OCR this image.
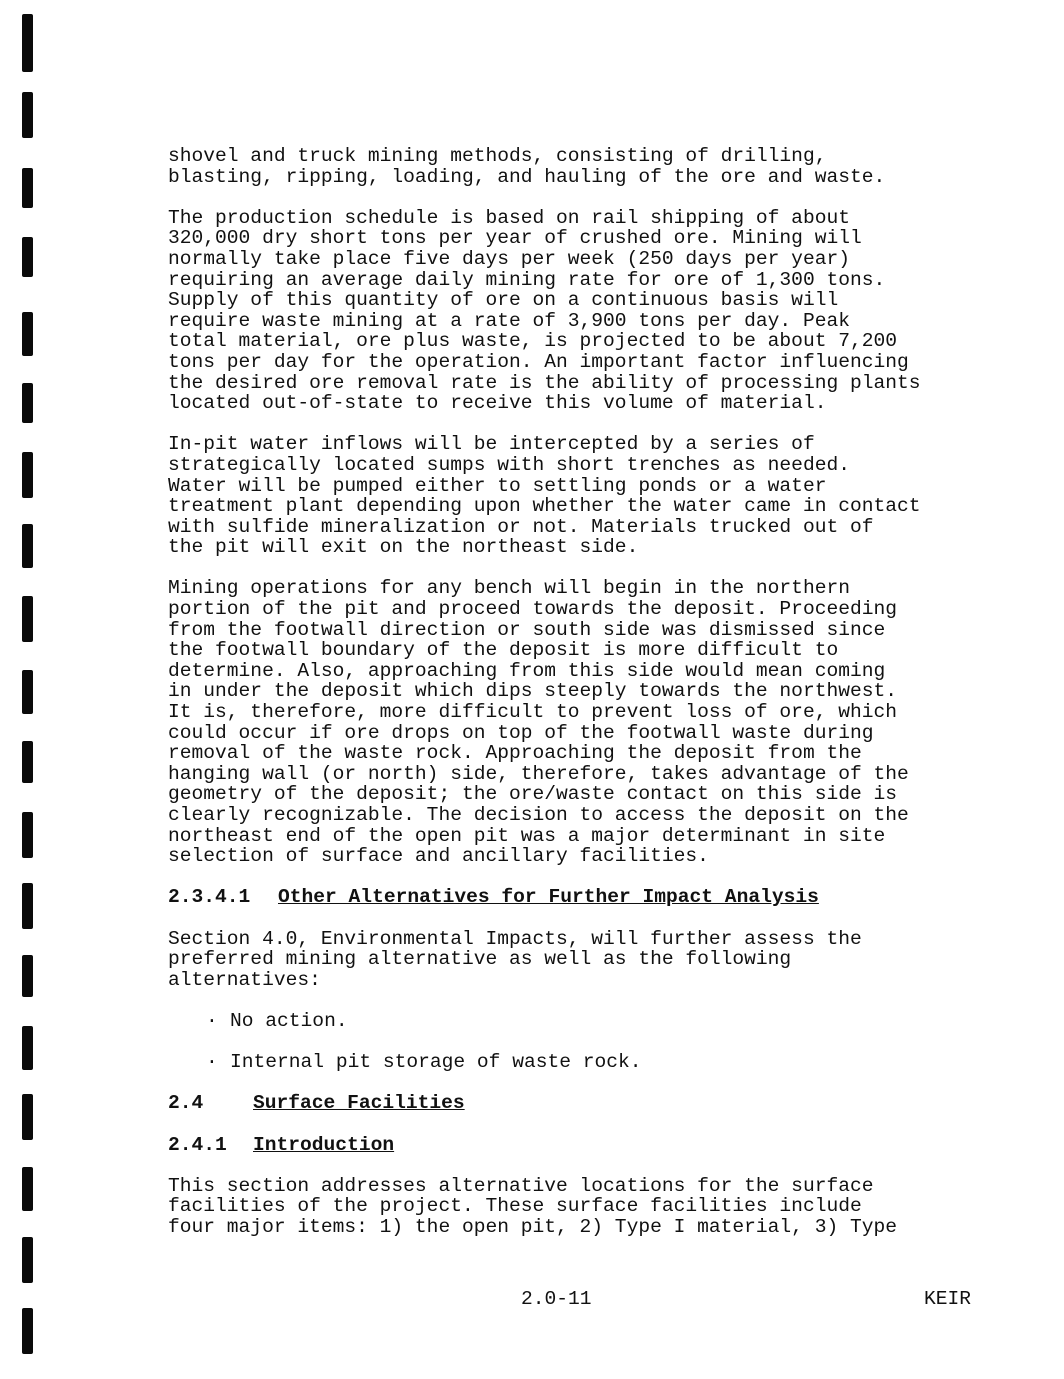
shovel and truck mining methods, consisting of drilling,
blasting, ripping, loading, and hauling of the ore and waste.

The production schedule is based on rail shipping of about
320,000 dry short tons per year of crushed ore. Mining will
normally take place five days per week (250 days per year)
requiring an average daily mining rate for ore of 1,300 tons.
Supply of this quantity of ore on a continuous basis will
require waste mining at a rate of 3,900 tons per day. Peak
total material, ore plus waste, is projected to be about 7,200
tons per day for the operation. An important factor influencing
the desired ore removal rate is the ability of processing plants
located out-of-state to receive this volume of material.

In-pit water inflows will be intercepted by a series of
strategically located sumps with short trenches as needed.
Water will be pumped either to settling ponds or a water
treatment plant depending upon whether the water came in contact
with sulfide mineralization or not. Materials trucked out of
the pit will exit on the northeast side.

Mining operations for any bench will begin in the northern
portion of the pit and proceed towards the deposit. Proceeding
from the footwall direction or south side was dismissed since
the footwall boundary of the deposit is more difficult to
determine. Also, approaching from this side would mean coming
in under the deposit which dips steeply towards the northwest.
It is, therefore, more difficult to prevent loss of ore, which
could occur if ore drops on top of the footwall waste during
removal of the waste rock. Approaching the deposit from the
hanging wall (or north) side, therefore, takes advantage of the
geometry of the deposit; the ore/waste contact on this side is
clearly recognizable. The decision to access the deposit on the
northeast end of the open pit was a major determinant in site
selection of surface and ancillary facilities.

2.3.4.1 Other Alternatives for Further Impact Analysis

Section 4.0, Environmental Impacts, will further assess the
preferred mining alternative as well as the following
alternatives:

· No action.
· Internal pit storage of waste rock.
2.4	Surface Facilities
2.4.1 Introduction

This section addresses alternative locations for the surface
facilities of the project. These surface facilities include
four major items: 1) the open pit, 2) Type I material, 3) Type

2.0-11	KEIR
